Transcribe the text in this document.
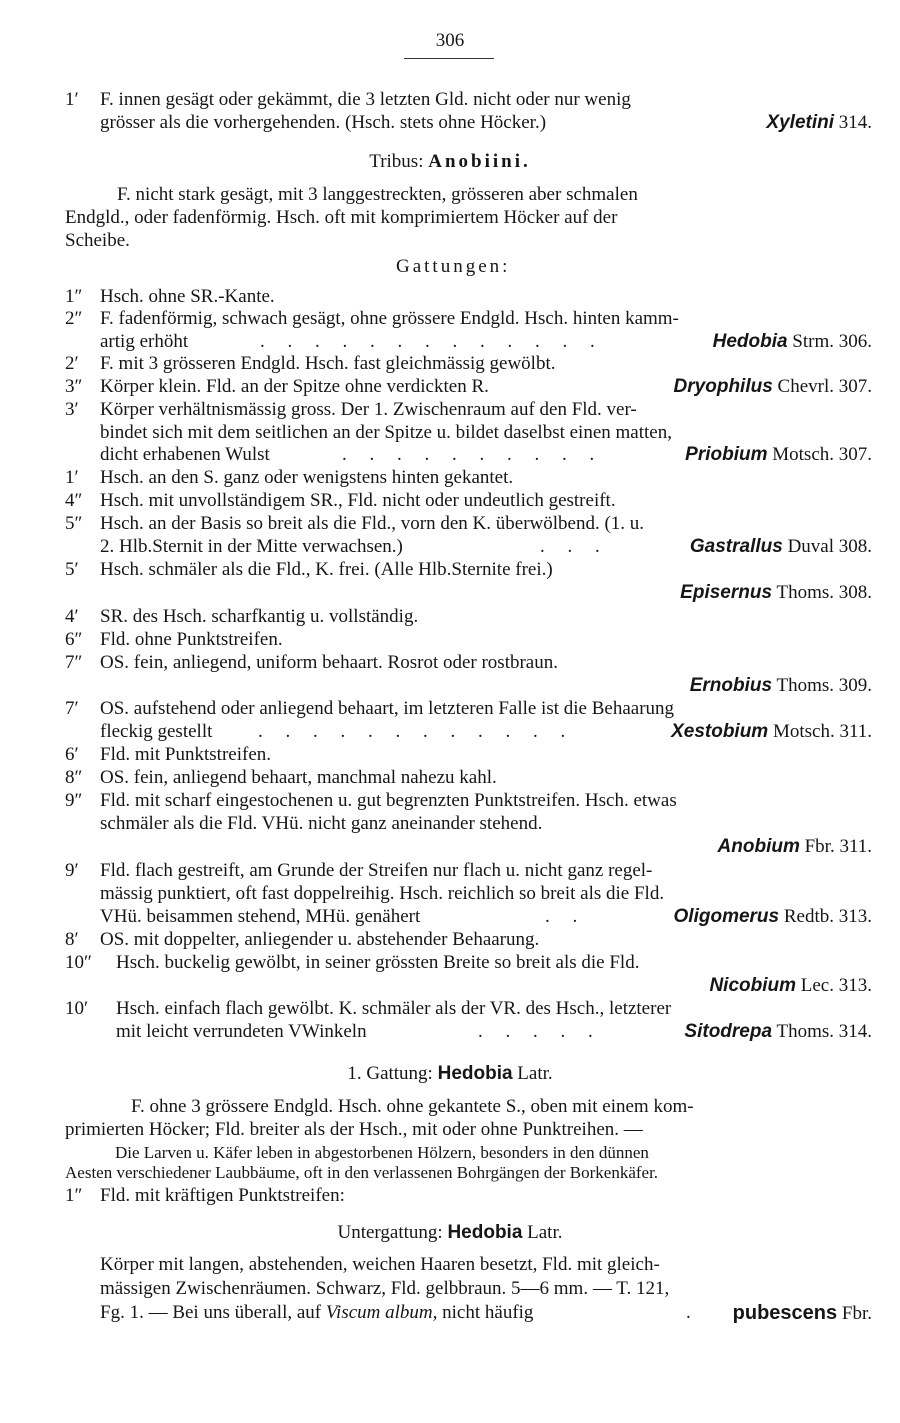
306
1′	F. innen gesägt oder gekämmt, die 3 letzten Gld. nicht oder nur wenig
grösser als die vorhergehenden. (Hsch. stets ohne Höcker.)	Xyletini 314.
Tribus: Anobiini.
F. nicht stark gesägt, mit 3 langgestreckten, grösseren aber schmalen
Endgld., oder fadenförmig. Hsch. oft mit komprimiertem Höcker auf der
Scheibe.
Gattungen:
1″ Hsch. ohne SR.-Kante.
2″ F. fadenförmig, schwach gesägt, ohne grössere Endgld. Hsch. hinten kamm-
artig erhöht	. . . . . . . . . . . . .	Hedobia Strm. 306.
2′	F. mit 3 grösseren Endgld. Hsch. fast gleichmässig gewölbt.
3″ Körper klein. Fld. an der Spitze ohne verdickten R.	Dryophilus Chevrl. 307.
3′	Körper verhältnismässig gross. Der 1. Zwischenraum auf den Fld. ver-
bindet sich mit dem seitlichen an der Spitze u. bildet daselbst einen matten,
dicht erhabenen Wulst	. . . . . . . . . .	Priobium Motsch. 307.
1′	Hsch. an den S. ganz oder wenigstens hinten gekantet.
4″ Hsch. mit unvollständigem SR., Fld. nicht oder undeutlich gestreift.
5″ Hsch. an der Basis so breit als die Fld., vorn den K. überwölbend. (1. u.
2. Hlb.Sternit in der Mitte verwachsen.)	. . .	Gastrallus Duval 308.
5′	Hsch. schmäler als die Fld., K. frei. (Alle Hlb.Sternite frei.)
Episernus Thoms. 308.
4′	SR. des Hsch. scharfkantig u. vollständig.
6″ Fld. ohne Punktstreifen.
7″ OS. fein, anliegend, uniform behaart. Rosrot oder rostbraun.
Ernobius Thoms. 309.
7′	OS. aufstehend oder anliegend behaart, im letzteren Falle ist die Behaarung
fleckig gestellt . . . . . . . . . . . .	Xestobium Motsch. 311.
6′	Fld. mit Punktstreifen.
8″ OS. fein, anliegend behaart, manchmal nahezu kahl.
9″ Fld. mit scharf eingestochenen u. gut begrenzten Punktstreifen. Hsch. etwas
schmäler als die Fld. VHü. nicht ganz aneinander stehend.
Anobium Fbr. 311.
9′	Fld. flach gestreift, am Grunde der Streifen nur flach u. nicht ganz regel-
mässig punktiert, oft fast doppelreihig. Hsch. reichlich so breit als die Fld.
VHü. beisammen stehend, MHü. genähert	. .	Oligomerus Redtb. 313.
8′	OS. mit doppelter, anliegender u. abstehender Behaarung.
10″	Hsch. buckelig gewölbt, in seiner grössten Breite so breit als die Fld.
Nicobium Lec. 313.
10′	Hsch. einfach flach gewölbt. K. schmäler als der VR. des Hsch., letzterer
mit leicht verrundeten VWinkeln	. . . . .	Sitodrepa Thoms. 314.
1. Gattung: Hedobia Latr.
F. ohne 3 grössere Endgld. Hsch. ohne gekantete S., oben mit einem kom-
primierten Höcker; Fld. breiter als der Hsch., mit oder ohne Punktreihen. —
Die Larven u. Käfer leben in abgestorbenen Hölzern, besonders in den dünnen
Aesten verschiedener Laubbäume, oft in den verlassenen Bohrgängen der Borkenkäfer.
1″ Fld. mit kräftigen Punktstreifen:
Untergattung: Hedobia Latr.
Körper mit langen, abstehenden, weichen Haaren besetzt, Fld. mit gleich-
mässigen Zwischenräumen. Schwarz, Fld. gelbbraun. 5—6 mm. — T. 121,
Fg. 1. — Bei uns überall, auf Viscum album, nicht häufig	. pubescens Fbr.
